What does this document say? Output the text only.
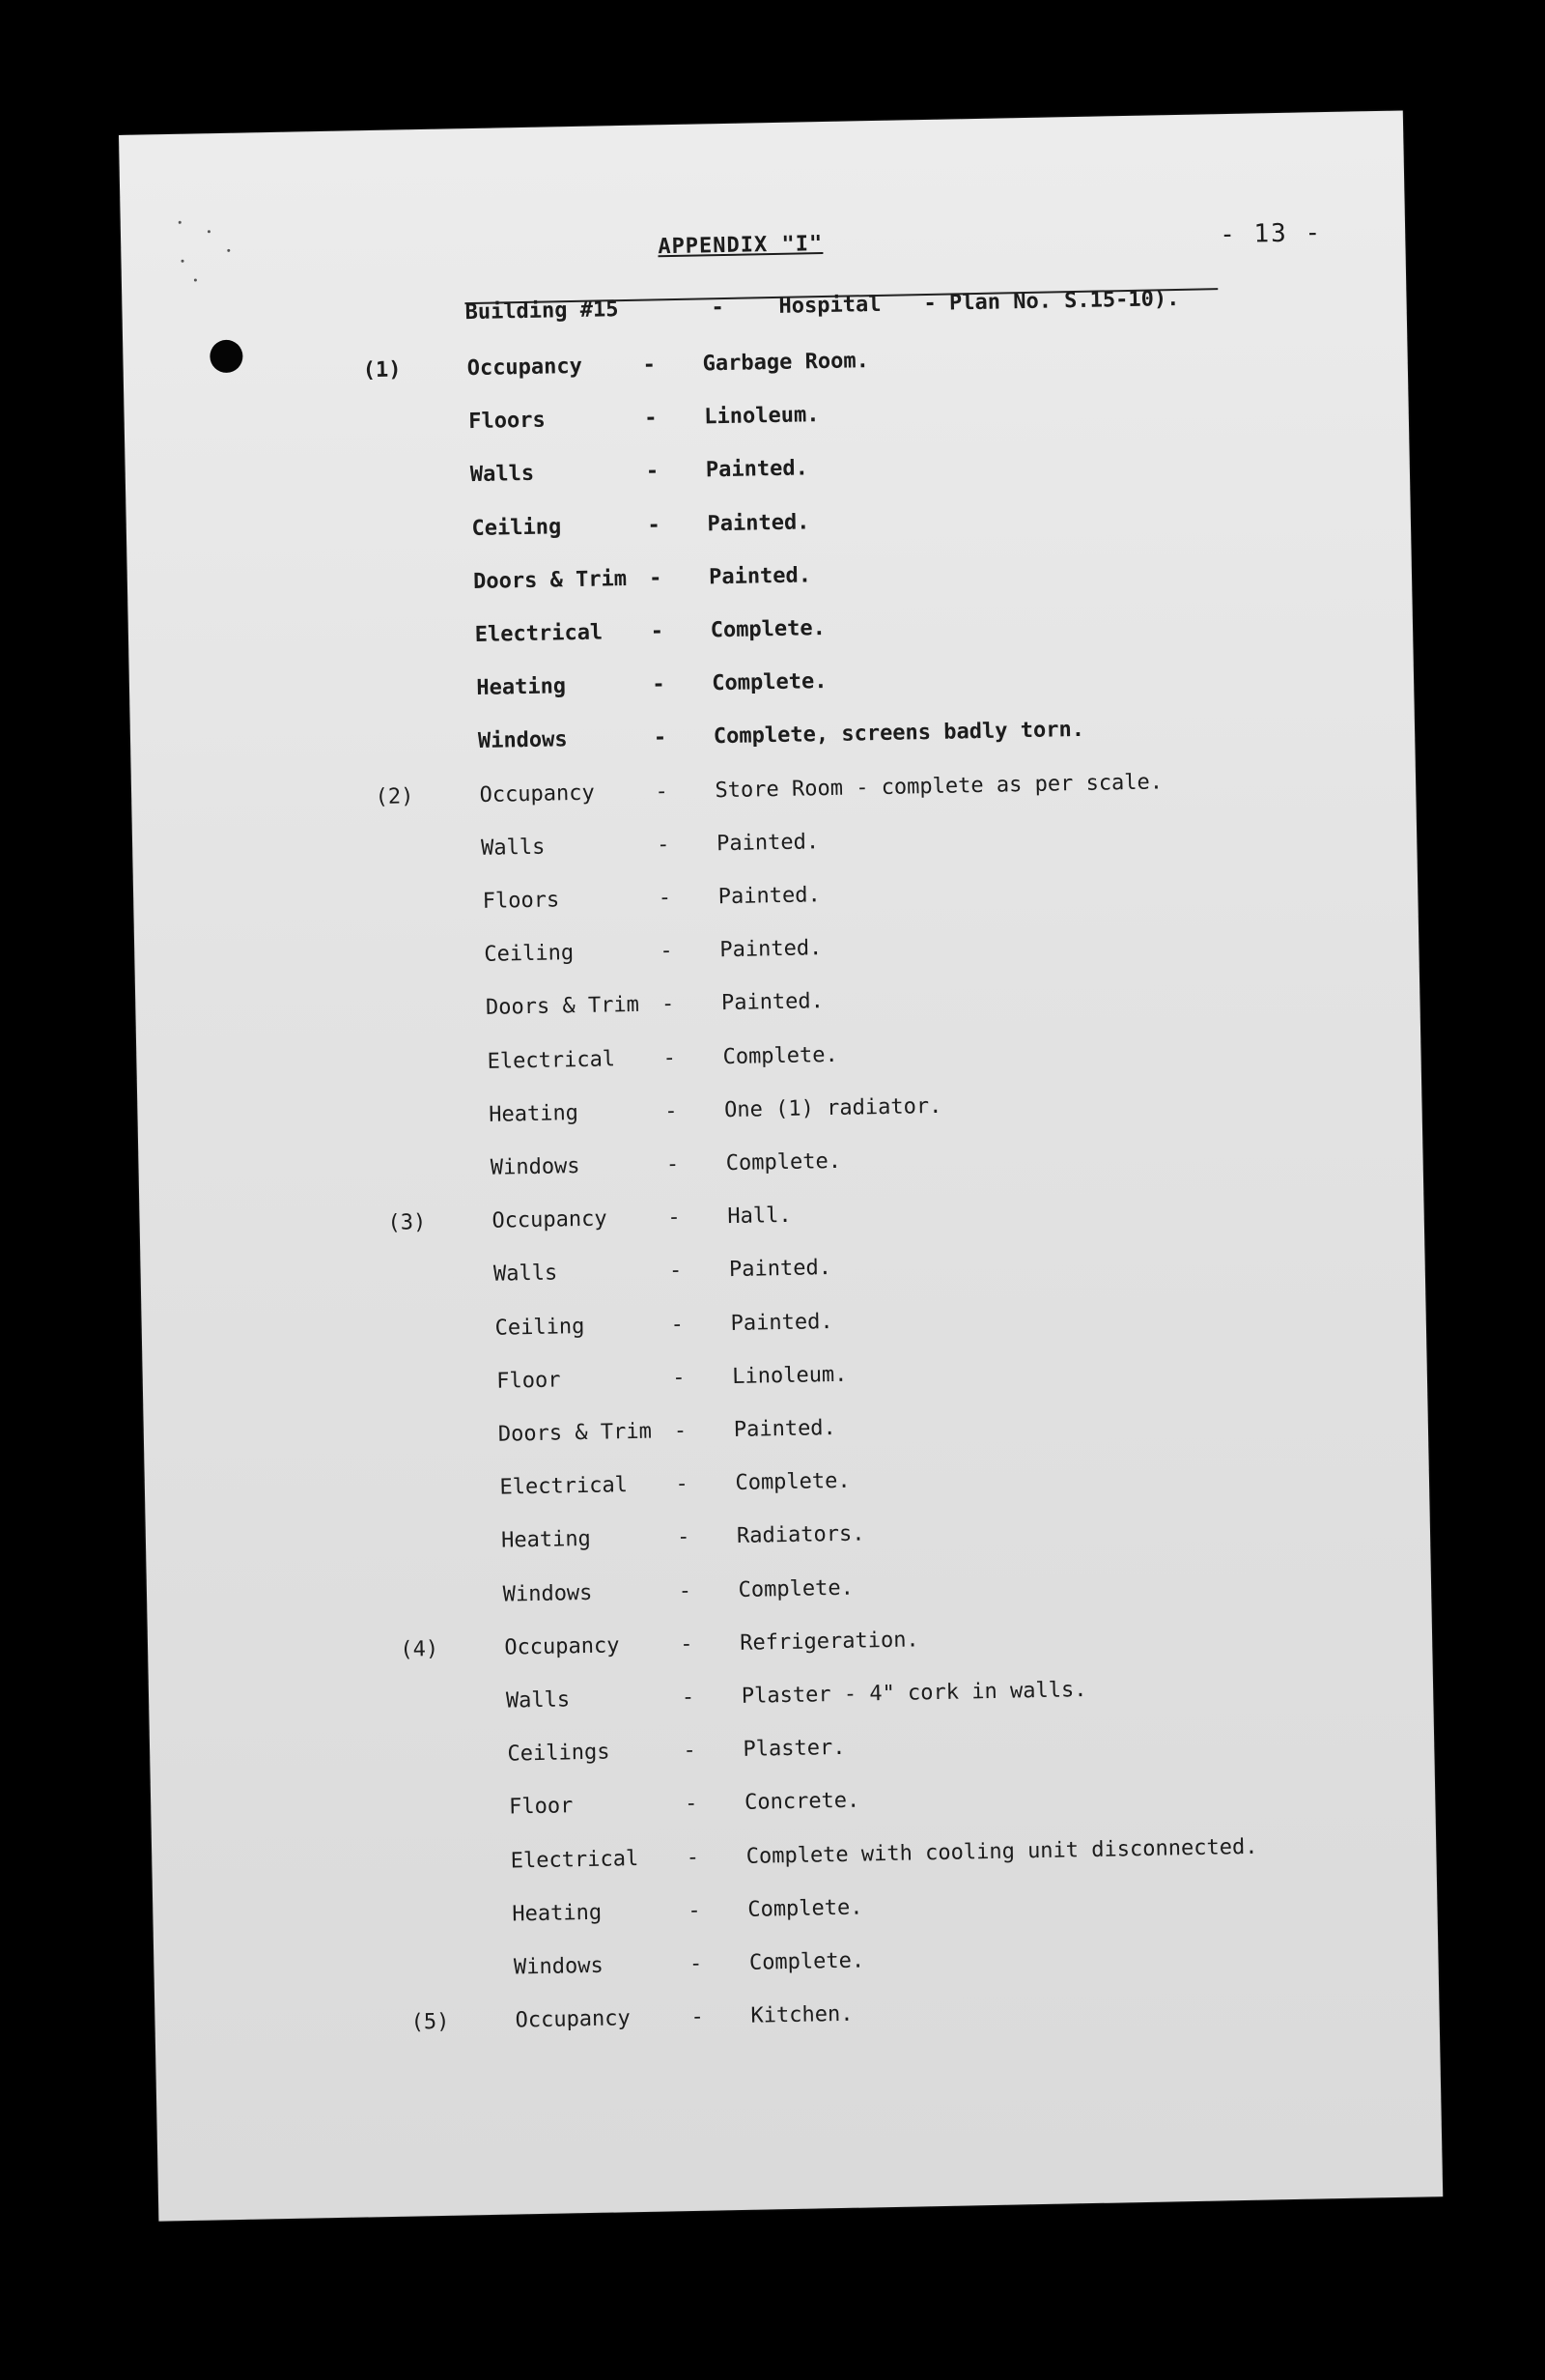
APPENDIX "I"	- 13 -
Building #15	-	Hospital - Plan No. S.15-10).
(1)	Occupancy	- Garbage Room.
Floors	- Linoleum.
Walls	- Painted.
Ceiling	- Painted.
Doors & Trim - Painted.
Electrical - Complete.
Heating	- Complete.
Windows	- Complete, screens badly torn.
(2)	Occupancy	- Store Room - complete as per scale.
Walls	- Painted.
Floors	- Painted.
Ceiling	- Painted.
Doors & Trim - Painted.
Electrical - Complete.
Heating	- One (1) radiator.
Windows	- Complete.
(3)	Occupancy	- Hall.
Walls	- Painted.
Ceiling	- Painted.
Floor	- Linoleum.
Doors & Trim - Painted.
Electrical - Complete.
Heating	- Radiators.
Windows	- Complete.
(4)	Occupancy	- Refrigeration.
Walls	- Plaster - 4" cork in walls.
Ceilings	- Plaster.
Floor	- Concrete.
Electrical - Complete with cooling unit disconnected.
Heating	- Complete.
Windows	- Complete.
(5)	Occupancy	- Kitchen.
